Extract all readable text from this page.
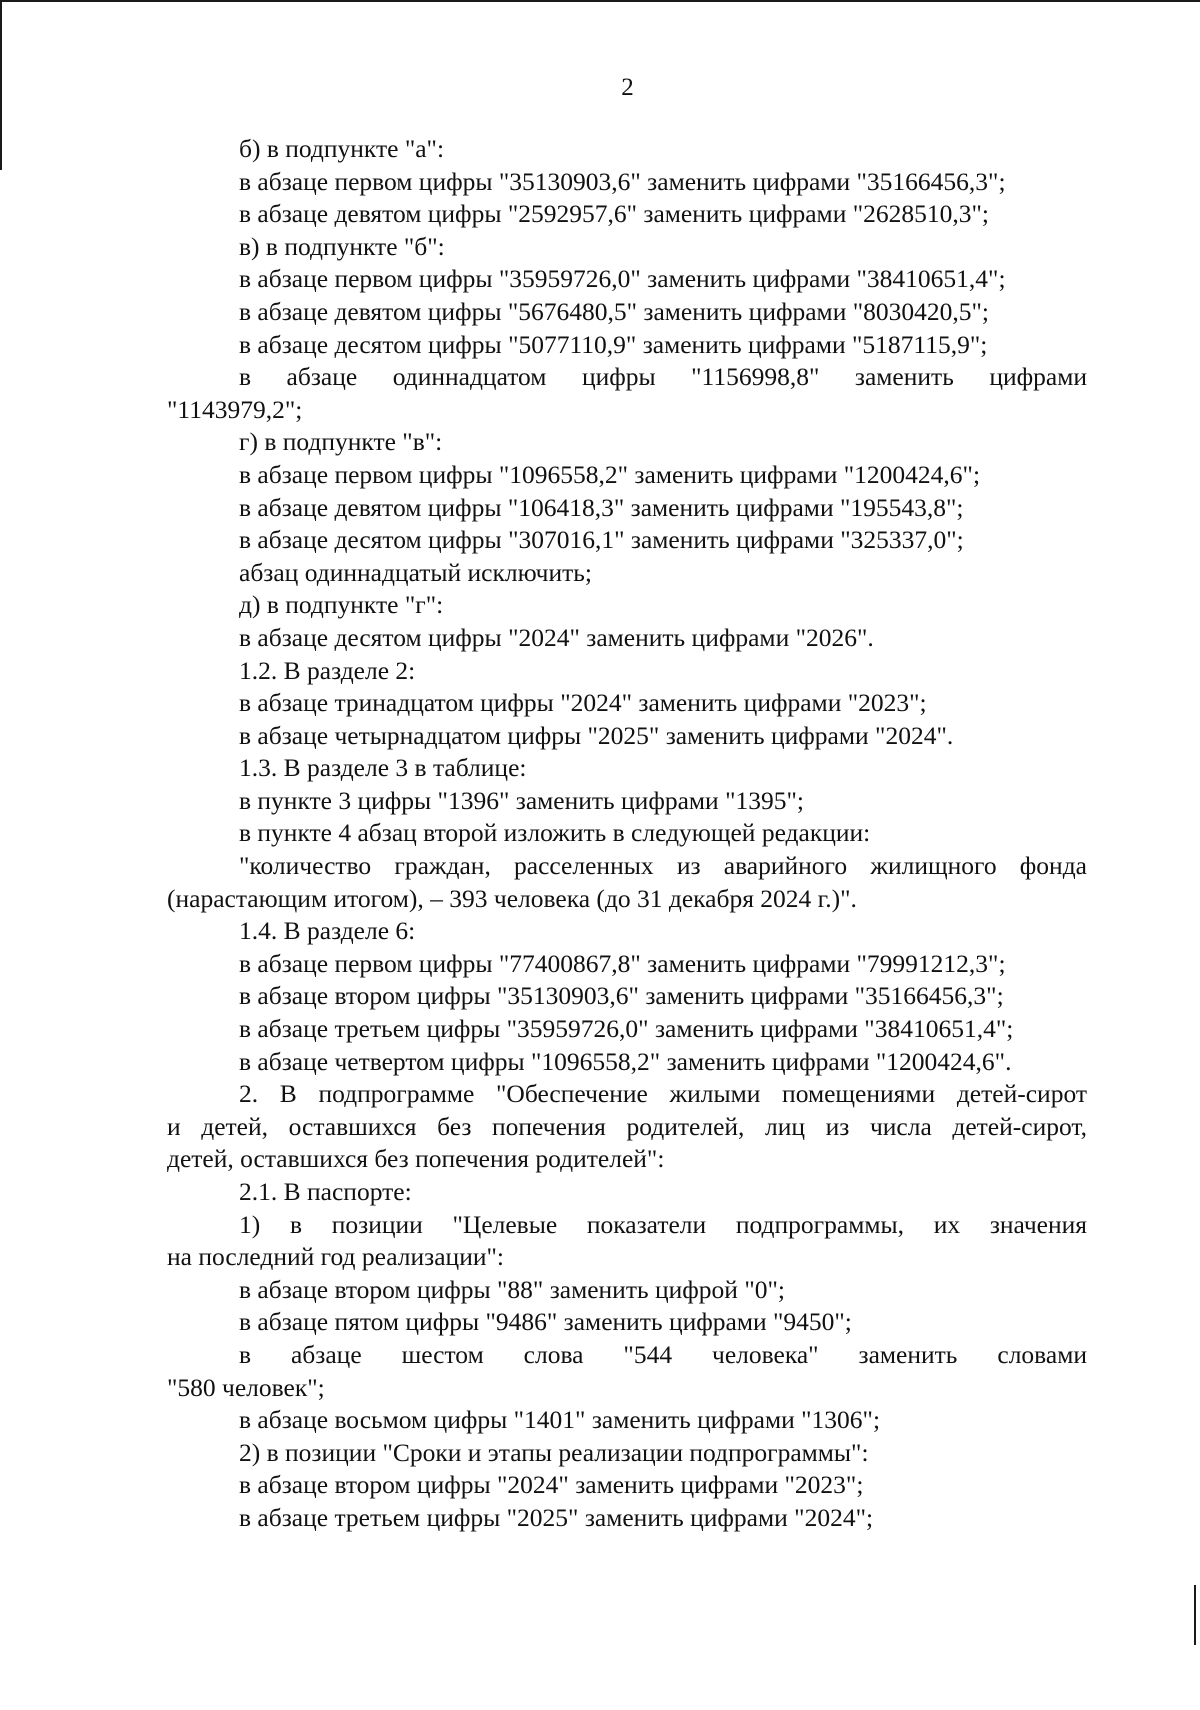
2
б) в подпункте "а":
в абзаце первом цифры "35130903,6" заменить цифрами "35166456,3";
в абзаце девятом цифры "2592957,6" заменить цифрами "2628510,3";
в) в подпункте "б":
в абзаце первом цифры "35959726,0" заменить цифрами "38410651,4";
в абзаце девятом цифры "5676480,5" заменить цифрами "8030420,5";
в абзаце десятом цифры "5077110,9" заменить цифрами "5187115,9";
в абзаце одиннадцатом цифры "1156998,8" заменить цифрами
"1143979,2";
г) в подпункте "в":
в абзаце первом цифры "1096558,2" заменить цифрами "1200424,6";
в абзаце девятом цифры "106418,3" заменить цифрами "195543,8";
в абзаце десятом цифры "307016,1" заменить цифрами "325337,0";
абзац одиннадцатый исключить;
д) в подпункте "г":
в абзаце десятом цифры "2024" заменить цифрами "2026".
1.2. В разделе 2:
в абзаце тринадцатом цифры "2024" заменить цифрами "2023";
в абзаце четырнадцатом цифры "2025" заменить цифрами "2024".
1.3. В разделе 3 в таблице:
в пункте 3 цифры "1396" заменить цифрами "1395";
в пункте 4 абзац второй изложить в следующей редакции:
"количество граждан, расселенных из аварийного жилищного фонда
(нарастающим итогом), – 393 человека (до 31 декабря 2024 г.)".
1.4. В разделе 6:
в абзаце первом цифры "77400867,8" заменить цифрами "79991212,3";
в абзаце втором цифры "35130903,6" заменить цифрами "35166456,3";
в абзаце третьем цифры "35959726,0" заменить цифрами "38410651,4";
в абзаце четвертом цифры "1096558,2" заменить цифрами "1200424,6".
2. В подпрограмме "Обеспечение жилыми помещениями детей-сирот
и детей, оставшихся без попечения родителей, лиц из числа детей-сирот,
детей, оставшихся без попечения родителей":
2.1. В паспорте:
1) в позиции "Целевые показатели подпрограммы, их значения
на последний год реализации":
в абзаце втором цифры "88" заменить цифрой "0";
в абзаце пятом цифры "9486" заменить цифрами "9450";
в абзаце шестом слова "544 человека" заменить словами
"580 человек";
в абзаце восьмом цифры "1401" заменить цифрами "1306";
2) в позиции "Сроки и этапы реализации подпрограммы":
в абзаце втором цифры "2024" заменить цифрами "2023";
в абзаце третьем цифры "2025" заменить цифрами "2024";
